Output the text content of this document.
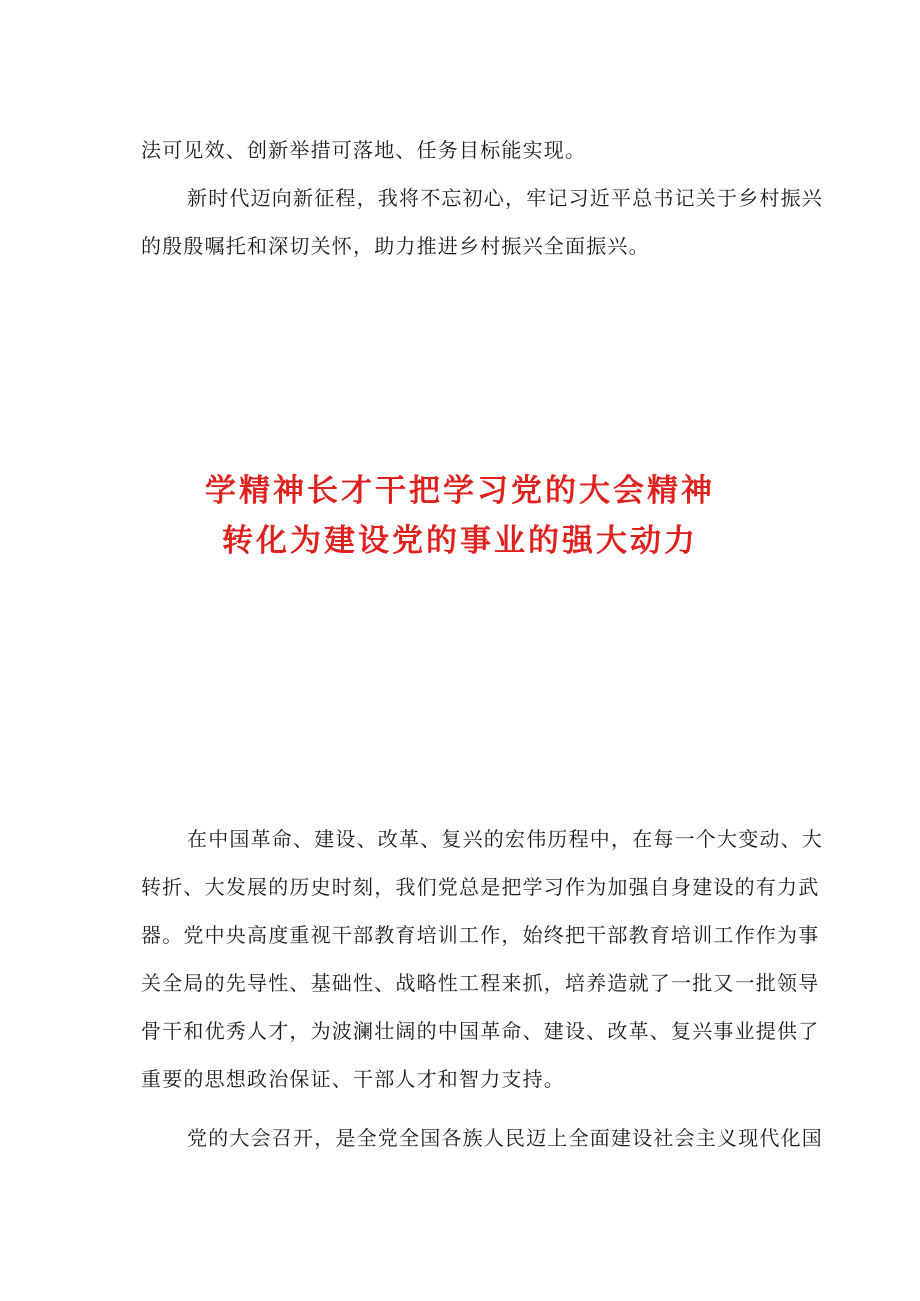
法可见效、创新举措可落地、任务目标能实现。

新时代迈向新征程，我将不忘初心，牢记习近平总书记关于乡村振兴
的殷殷嘱托和深切关怀，助力推进乡村振兴全面振兴。

学精神长才干把学习党的大会精神
转化为建设党的事业的强大动力

在中国革命、建设、改革、复兴的宏伟历程中，在每一个大变动、大
转折、大发展的历史时刻，我们党总是把学习作为加强自身建设的有力武
器。党中央高度重视干部教育培训工作，始终把干部教育培训工作作为事
关全局的先导性、基础性、战略性工程来抓，培养造就了一批又一批领导
骨干和优秀人才，为波澜壮阔的中国革命、建设、改革、复兴事业提供了
重要的思想政治保证、干部人才和智力支持。

党的大会召开，是全党全国各族人民迈上全面建设社会主义现代化国
